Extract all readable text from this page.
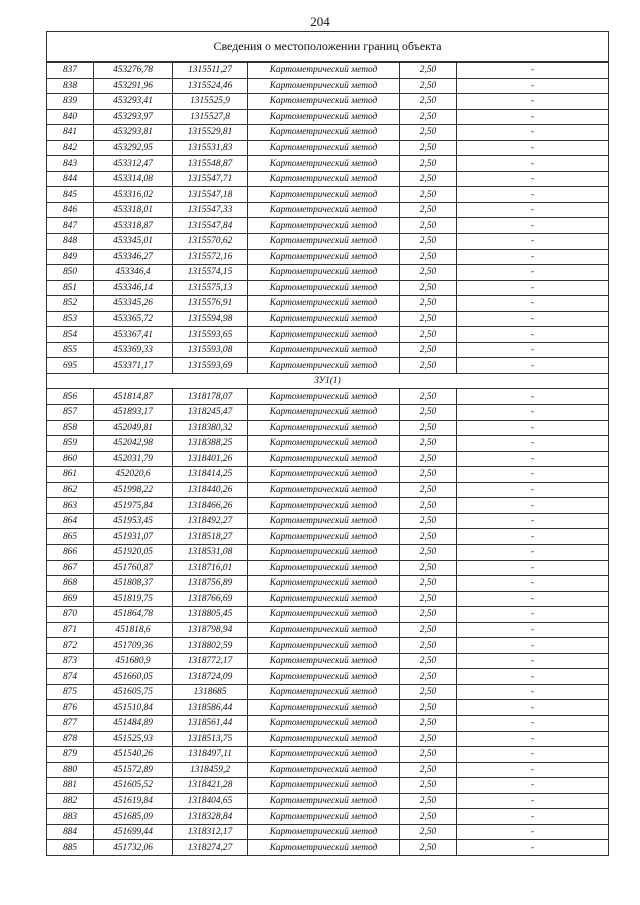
204
Сведения о местоположении границ объекта					
837	453276,78	1315511,27	Картометрический метод	2,50	-
838	453291,96	1315524,46	Картометрический метод	2,50	-
839	453293,41	1315525,9	Картометрический метод	2,50	-
840	453293,97	1315527,8	Картометрический метод	2,50	-
841	453293,81	1315529,81	Картометрический метод	2,50	-
842	453292,95	1315531,83	Картометрический метод	2,50	-
843	453312,47	1315548,87	Картометрический метод	2,50	-
844	453314,08	1315547,71	Картометрический метод	2,50	-
845	453316,02	1315547,18	Картометрический метод	2,50	-
846	453318,01	1315547,33	Картометрический метод	2,50	-
847	453318,87	1315547,84	Картометрический метод	2,50	-
848	453345,01	1315570,62	Картометрический метод	2,50	-
849	453346,27	1315572,16	Картометрический метод	2,50	-
850	453346,4	1315574,15	Картометрический метод	2,50	-
851	453346,14	1315575,13	Картометрический метод	2,50	-
852	453345,26	1315576,91	Картометрический метод	2,50	-
853	453365,72	1315594,98	Картометрический метод	2,50	-
854	453367,41	1315593,65	Картометрический метод	2,50	-
855	453369,33	1315593,08	Картометрический метод	2,50	-
695	453371,17	1315593,69	Картометрический метод	2,50	-
ЗУ1(1)					
856	451814,87	1318178,07	Картометрический метод	2,50	-
857	451893,17	1318245,47	Картометрический метод	2,50	-
858	452049,81	1318380,32	Картометрический метод	2,50	-
859	452042,98	1318388,25	Картометрический метод	2,50	-
860	452031,79	1318401,26	Картометрический метод	2,50	-
861	452020,6	1318414,25	Картометрический метод	2,50	-
862	451998,22	1318440,26	Картометрический метод	2,50	-
863	451975,84	1318466,26	Картометрический метод	2,50	-
864	451953,45	1318492,27	Картометрический метод	2,50	-
865	451931,07	1318518,27	Картометрический метод	2,50	-
866	451920,05	1318531,08	Картометрический метод	2,50	-
867	451760,87	1318716,01	Картометрический метод	2,50	-
868	451808,37	1318756,89	Картометрический метод	2,50	-
869	451819,75	1318766,69	Картометрический метод	2,50	-
870	451864,78	1318805,45	Картометрический метод	2,50	-
871	451818,6	1318798,94	Картометрический метод	2,50	-
872	451709,36	1318802,59	Картометрический метод	2,50	-
873	451680,9	1318772,17	Картометрический метод	2,50	-
874	451660,05	1318724,09	Картометрический метод	2,50	-
875	451605,75	1318685	Картометрический метод	2,50	-
876	451510,84	1318586,44	Картометрический метод	2,50	-
877	451484,89	1318561,44	Картометрический метод	2,50	-
878	451525,93	1318513,75	Картометрический метод	2,50	-
879	451540,26	1318497,11	Картометрический метод	2,50	-
880	451572,89	1318459,2	Картометрический метод	2,50	-
881	451605,52	1318421,28	Картометрический метод	2,50	-
882	451619,84	1318404,65	Картометрический метод	2,50	-
883	451685,09	1318328,84	Картометрический метод	2,50	-
884	451699,44	1318312,17	Картометрический метод	2,50	-
885	451732,06	1318274,27	Картометрический метод	2,50	-
